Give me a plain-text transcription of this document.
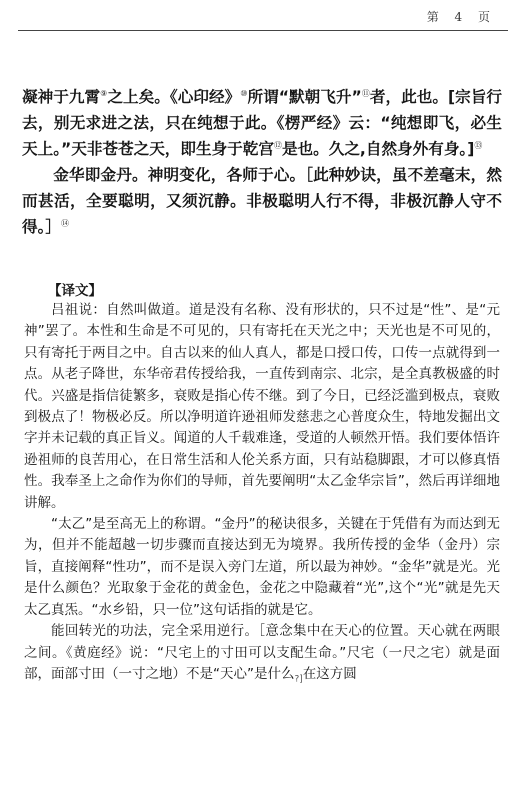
第 4 页

凝神于九霄⑨之上矣。《心印经》⑩所谓“默朝飞升”⑪者，此也。[宗旨行去，别无求进之法，只在纯想于此。《楞严经》云：“纯想即飞，必生天上。”天非苍苍之天，即生身于乾宫⑫是也。久之,自然身外有身。]⑬

金华即金丹。神明变化，各师于心。［此种妙诀，虽不差毫末，然而甚活，全要聪明，又须沉静。非极聪明人行不得，非极沉静人守不得。］⑭

【译文】

吕祖说：自然叫做道。道是没有名称、没有形状的，只不过是“性”、是“元神”罢了。本性和生命是不可见的，只有寄托在天光之中；天光也是不可见的，只有寄托于两目之中。自古以来的仙人真人，都是口授口传，口传一点就得到一点。从老子降世，东华帝君传授给我，一直传到南宗、北宗，是全真教极盛的时代。兴盛是指信徒繁多，衰败是指心传不继。到了今日，已经泛滥到极点，衰败到极点了！物极必反。所以净明道许逊祖师发慈悲之心普度众生，特地发掘出文字并未记载的真正旨义。闻道的人千载难逢，受道的人顿然开悟。我们要体悟许逊祖师的良苦用心，在日常生活和人伦关系方面，只有站稳脚跟，才可以修真悟性。我奉圣上之命作为你们的导师，首先要阐明“太乙金华宗旨”，然后再详细地讲解。

“太乙”是至高无上的称谓。“金丹”的秘诀很多，关键在于凭借有为而达到无为，但并不能超越一切步骤而直接达到无为境界。我所传授的金华（金丹）宗旨，直接阐释“性功”，而不是误入旁门左道，所以最为神妙。“金华”就是光。光是什么颜色？光取象于金花的黄金色，金花之中隐藏着“光”,这个“光”就是先天太乙真炁。“水乡铅，只一位”这句话指的就是它。

能回转光的功法，完全采用逆行。［意念集中在天心的位置。天心就在两眼之间。《黄庭经》说：“尺宅上的寸田可以支配生命。”尺宅（一尺之宅）就是面部，面部寸田（一寸之地）不是“天心”是什么$_{?]}$在这方圆
